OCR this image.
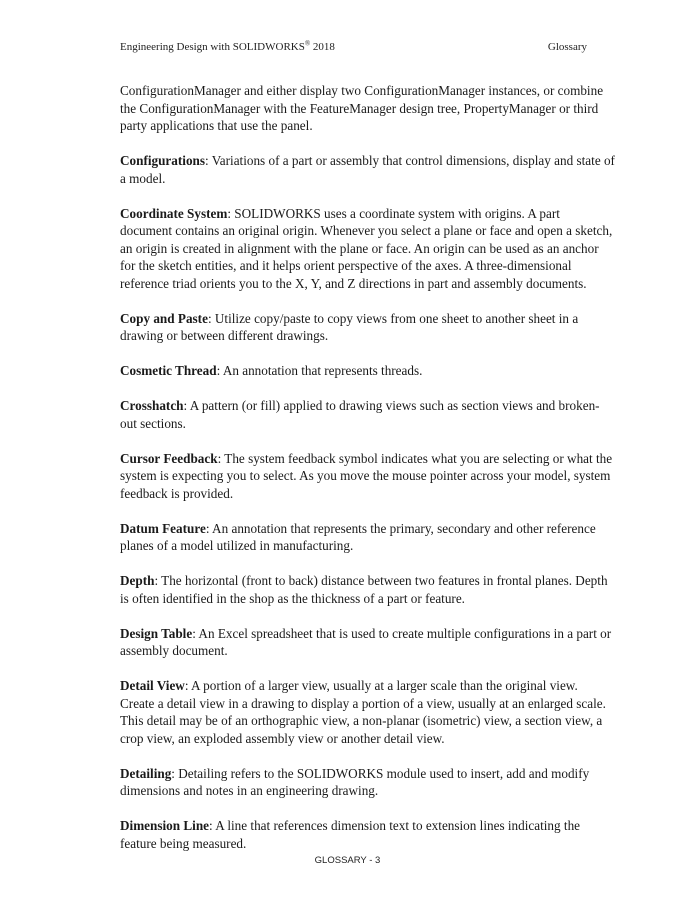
Engineering Design with SOLIDWORKS® 2018	Glossary

ConfigurationManager and either display two ConfigurationManager instances, or combine the ConfigurationManager with the FeatureManager design tree, PropertyManager or third party applications that use the panel.

Configurations: Variations of a part or assembly that control dimensions, display and state of a model.

Coordinate System: SOLIDWORKS uses a coordinate system with origins. A part document contains an original origin. Whenever you select a plane or face and open a sketch, an origin is created in alignment with the plane or face. An origin can be used as an anchor for the sketch entities, and it helps orient perspective of the axes. A three-dimensional reference triad orients you to the X, Y, and Z directions in part and assembly documents.

Copy and Paste: Utilize copy/paste to copy views from one sheet to another sheet in a drawing or between different drawings.

Cosmetic Thread: An annotation that represents threads.

Crosshatch: A pattern (or fill) applied to drawing views such as section views and broken-out sections.

Cursor Feedback: The system feedback symbol indicates what you are selecting or what the system is expecting you to select. As you move the mouse pointer across your model, system feedback is provided.

Datum Feature: An annotation that represents the primary, secondary and other reference planes of a model utilized in manufacturing.

Depth: The horizontal (front to back) distance between two features in frontal planes. Depth is often identified in the shop as the thickness of a part or feature.

Design Table: An Excel spreadsheet that is used to create multiple configurations in a part or assembly document.

Detail View: A portion of a larger view, usually at a larger scale than the original view. Create a detail view in a drawing to display a portion of a view, usually at an enlarged scale. This detail may be of an orthographic view, a non-planar (isometric) view, a section view, a crop view, an exploded assembly view or another detail view.

Detailing: Detailing refers to the SOLIDWORKS module used to insert, add and modify dimensions and notes in an engineering drawing.

Dimension Line: A line that references dimension text to extension lines indicating the feature being measured.

GLOSSARY - 3
